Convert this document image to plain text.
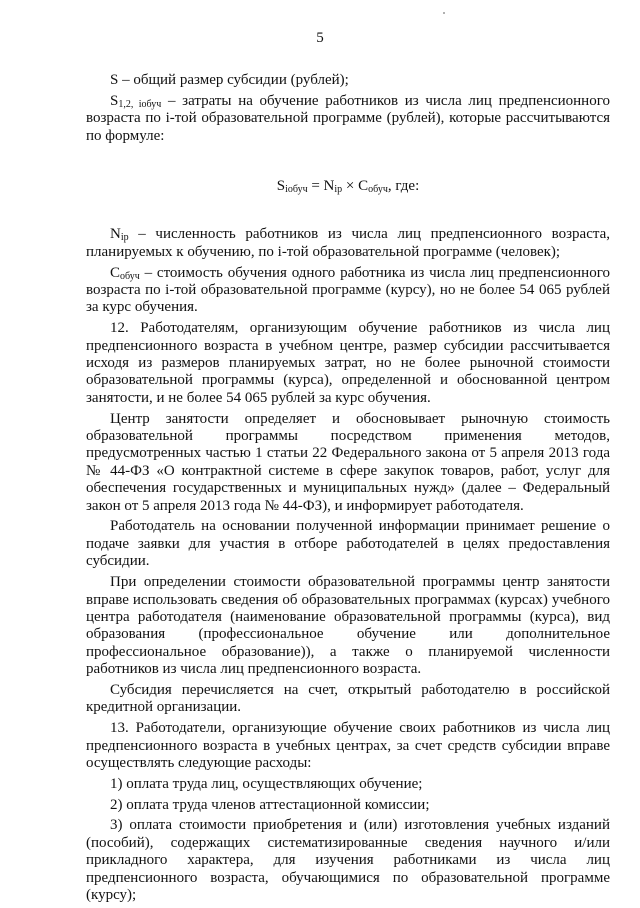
5

S – общий размер субсидии (рублей);

$S_{1,2, iобуч}$ – затраты на обучение работников из числа лиц предпенсионного возраста по i-той образовательной программе (рублей), которые рассчитываются по формуле:

$S_{iобуч} = N_{ip} \times C_{обуч}$, где:

$N_{ip}$ – численность работников из числа лиц предпенсионного возраста, планируемых к обучению, по i-той образовательной программе (человек);

$C_{обуч}$ – стоимость обучения одного работника из числа лиц предпенсионного возраста по i-той образовательной программе (курсу), но не более 54 065 рублей за курс обучения.

12. Работодателям, организующим обучение работников из числа лиц предпенсионного возраста в учебном центре, размер субсидии рассчитывается исходя из размеров планируемых затрат, но не более рыночной стоимости образовательной программы (курса), определенной и обоснованной центром занятости, и не более 54 065 рублей за курс обучения.

Центр занятости определяет и обосновывает рыночную стоимость образовательной программы посредством применения методов, предусмотренных частью 1 статьи 22 Федерального закона от 5 апреля 2013 года № 44-ФЗ «О контрактной системе в сфере закупок товаров, работ, услуг для обеспечения государственных и муниципальных нужд» (далее – Федеральный закон от 5 апреля 2013 года № 44-ФЗ), и информирует работодателя.

Работодатель на основании полученной информации принимает решение о подаче заявки для участия в отборе работодателей в целях предоставления субсидии.

При определении стоимости образовательной программы центр занятости вправе использовать сведения об образовательных программах (курсах) учебного центра работодателя (наименование образовательной программы (курса), вид образования (профессиональное обучение или дополнительное профессиональное образование)), а также о планируемой численности работников из числа лиц предпенсионного возраста.

Субсидия перечисляется на счет, открытый работодателю в российской кредитной организации.

13. Работодатели, организующие обучение своих работников из числа лиц предпенсионного возраста в учебных центрах, за счет средств субсидии вправе осуществлять следующие расходы:

1) оплата труда лиц, осуществляющих обучение;

2) оплата труда членов аттестационной комиссии;

3) оплата стоимости приобретения и (или) изготовления учебных изданий (пособий), содержащих систематизированные сведения научного и/или прикладного характера, для изучения работниками из числа лиц предпенсионного возраста, обучающимися по образовательной программе (курсу);
